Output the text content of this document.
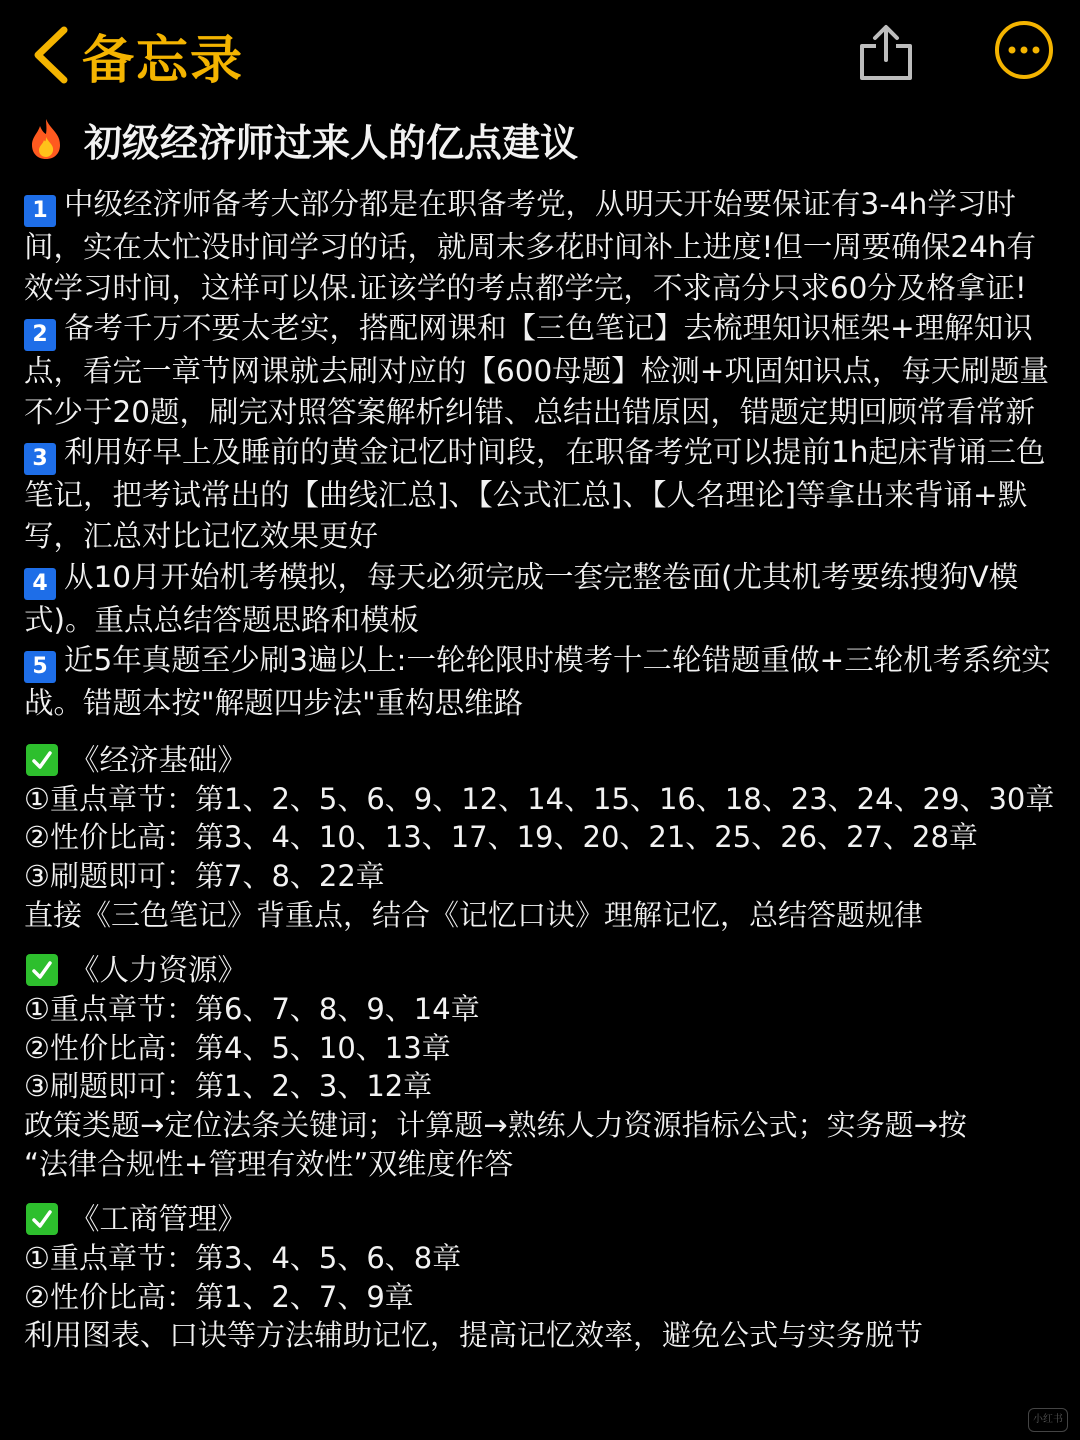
备忘录
初级经济师过来人的亿点建议
1 中级经济师备考大部分都是在职备考党，从明天开始要保证有3-4h学习时间，实在太忙没时间学习的话，就周末多花时间补上进度!但一周要确保24h有效学习时间，这样可以保.证该学的考点都学完，不求高分只求60分及格拿证!
2 备考千万不要太老实，搭配网课和【三色笔记】去梳理知识框架+理解知识点，看完一章节网课就去刷对应的【600母题】检测+巩固知识点，每天刷题量不少于20题，刷完对照答案解析纠错、总结出错原因，错题定期回顾常看常新
3 利用好早上及睡前的黄金记忆时间段，在职备考党可以提前1h起床背诵三色笔记，把考试常出的【曲线汇总]、【公式汇总]、【人名理论]等拿出来背诵+默写，汇总对比记忆效果更好
4 从10月开始机考模拟，每天必须完成一套完整卷面(尤其机考要练搜狗V模式)。重点总结答题思路和模板
5 近5年真题至少刷3遍以上:一轮轮限时模考十二轮错题重做+三轮机考系统实战。错题本按"解题四步法"重构思维路
《经济基础》
①重点章节：第1、2、5、6、9、12、14、15、16、18、23、24、29、30章
②性价比高：第3、4、10、13、17、19、20、21、25、26、27、28章
③刷题即可：第7、8、22章
直接《三色笔记》背重点，结合《记忆口诀》理解记忆，总结答题规律
《人力资源》
①重点章节：第6、7、8、9、14章
②性价比高：第4、5、10、13章
③刷题即可：第1、2、3、12章
政策类题→定位法条关键词；计算题→熟练人力资源指标公式；实务题→按
“法律合规性+管理有效性”双维度作答
《工商管理》
①重点章节：第3、4、5、6、8章
②性价比高：第1、2、7、9章
利用图表、口诀等方法辅助记忆，提高记忆效率，避免公式与实务脱节
小红书
